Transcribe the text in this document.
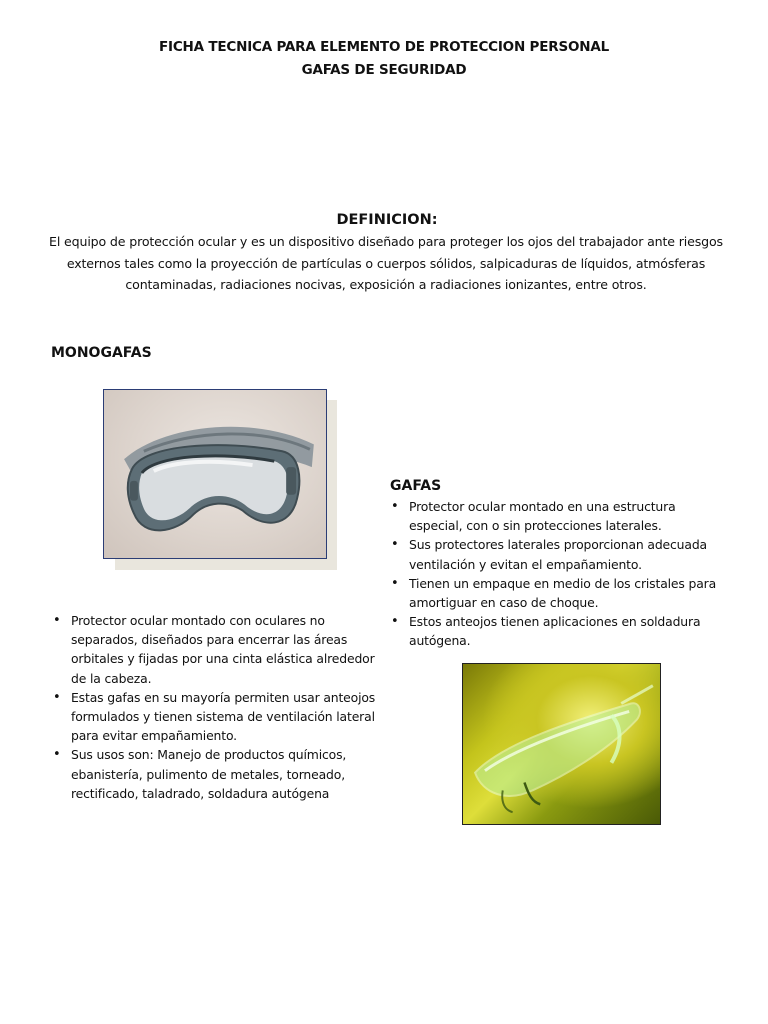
FICHA TECNICA PARA ELEMENTO DE PROTECCION PERSONAL
GAFAS DE SEGURIDAD
DEFINICION:
El equipo de protección ocular y es un dispositivo diseñado para proteger los ojos del trabajador ante riesgos externos tales como la proyección de partículas o cuerpos sólidos, salpicaduras de líquidos, atmósferas contaminadas, radiaciones nocivas, exposición a radiaciones ionizantes, entre otros.
MONOGAFAS
• Protector ocular montado con oculares no separados, diseñados para encerrar las áreas orbitales y fijadas por una cinta elástica alrededor de la cabeza.
• Estas gafas en su mayoría permiten usar anteojos formulados y tienen sistema de ventilación lateral para evitar empañamiento.
• Sus usos son: Manejo de productos químicos, ebanistería, pulimento de metales, torneado, rectificado, taladrado, soldadura autógena
GAFAS
• Protector ocular montado en una estructura especial, con o sin protecciones laterales.
• Sus protectores laterales proporcionan adecuada ventilación y evitan el empañamiento.
• Tienen un empaque en medio de los cristales para amortiguar en caso de choque.
• Estos anteojos tienen aplicaciones en soldadura autógena.
